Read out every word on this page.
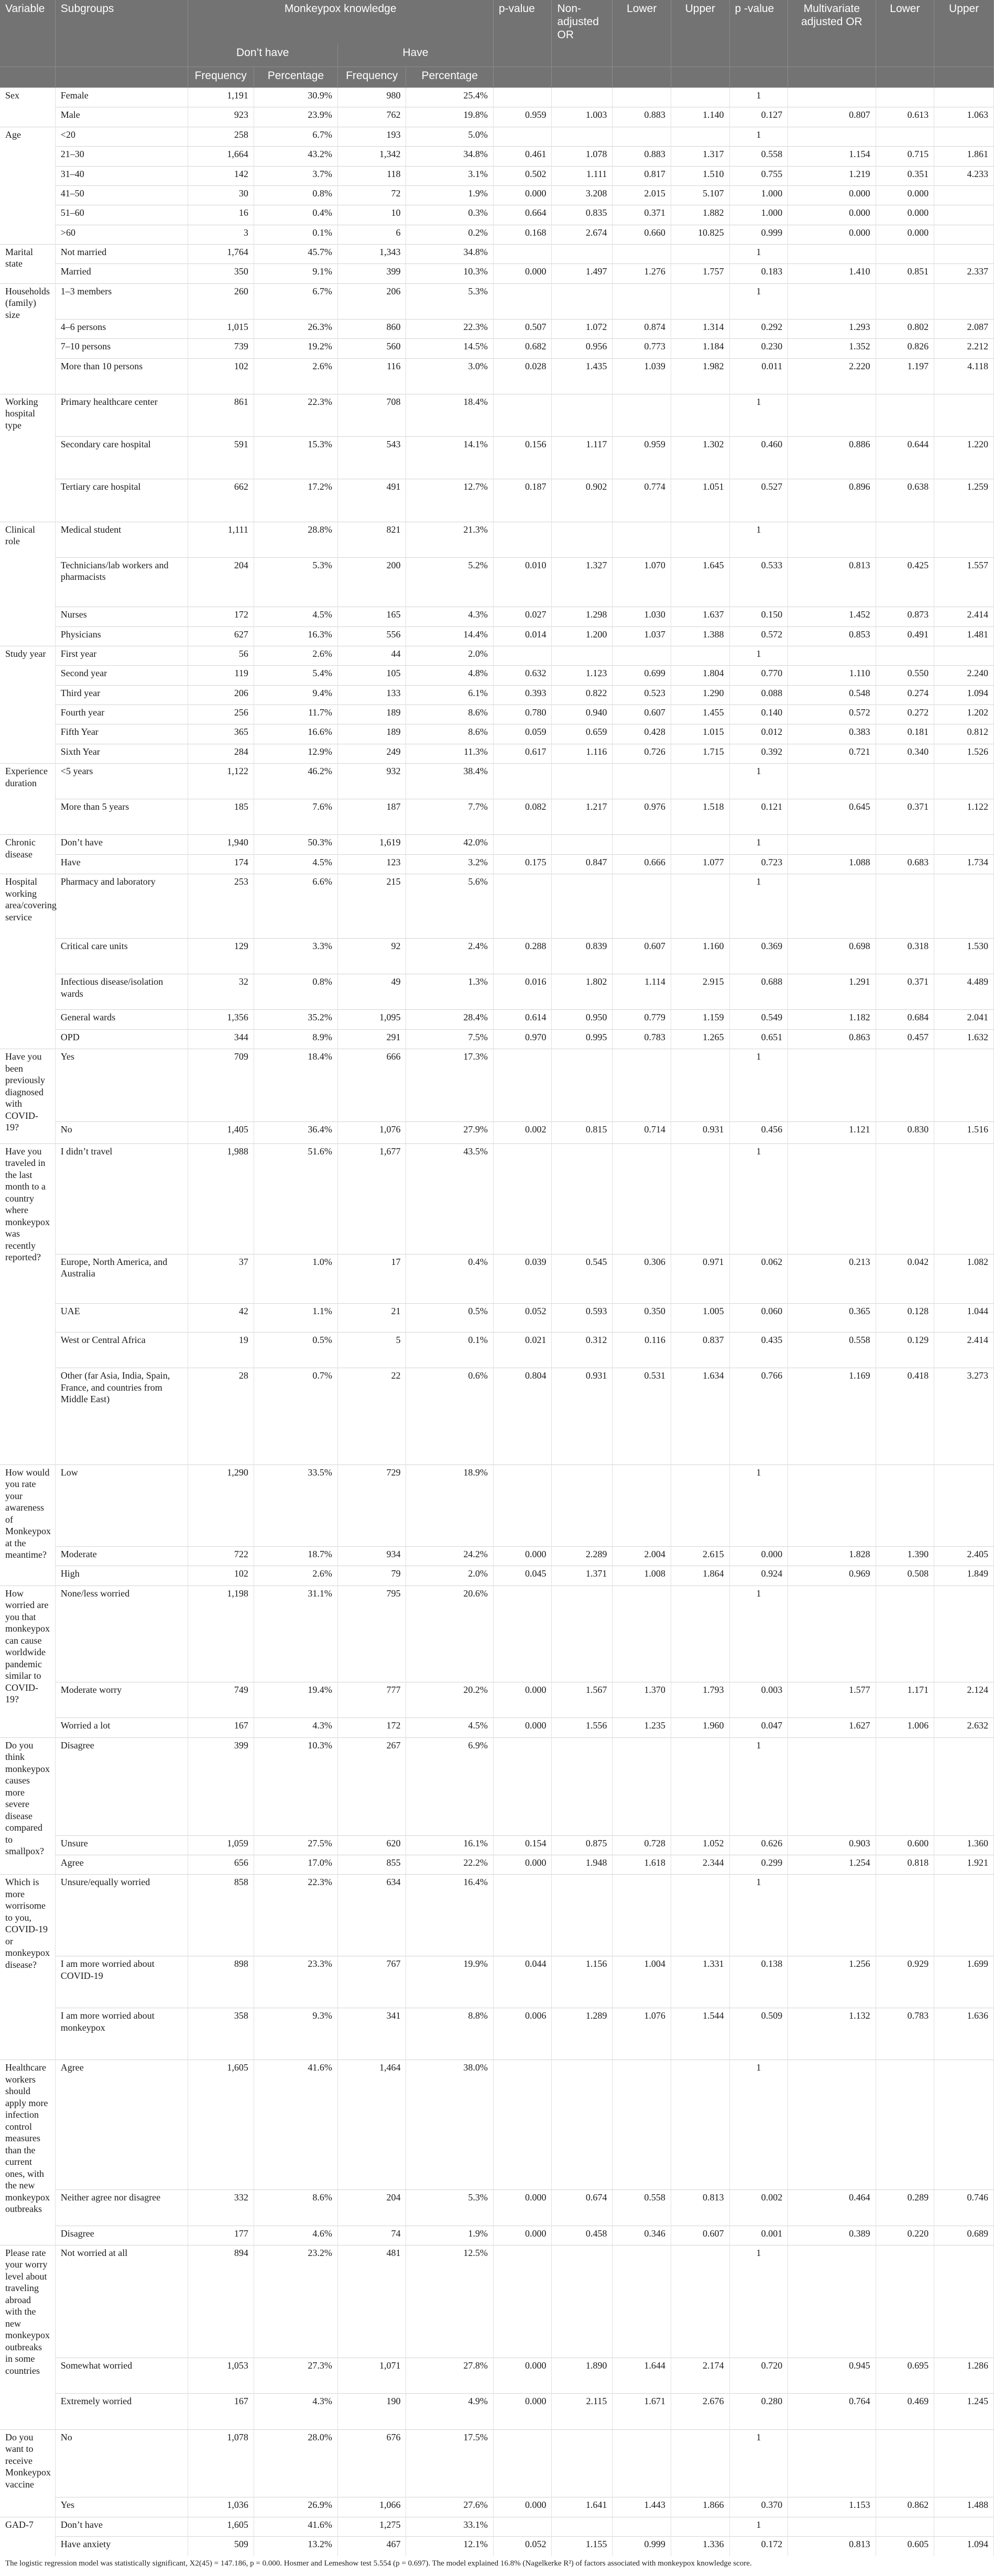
Variable	Subgroups	Monkeypox knowledge				p-value	Non-adjusted OR	Lower	Upper	p -value	Multivariate adjusted OR	Lower	Upper
		Don’t have		Have									
		Frequency	Percentage	Frequency	Percentage								
Sex	Female	1,191	30.9%	980	25.4%					1			
	Male	923	23.9%	762	19.8%	0.959	1.003	0.883	1.140	0.127	0.807	0.613	1.063
Age	<20	258	6.7%	193	5.0%					1			
	21–30	1,664	43.2%	1,342	34.8%	0.461	1.078	0.883	1.317	0.558	1.154	0.715	1.861
	31–40	142	3.7%	118	3.1%	0.502	1.111	0.817	1.510	0.755	1.219	0.351	4.233
	41–50	30	0.8%	72	1.9%	0.000	3.208	2.015	5.107	1.000	0.000	0.000	
	51–60	16	0.4%	10	0.3%	0.664	0.835	0.371	1.882	1.000	0.000	0.000	
	>60	3	0.1%	6	0.2%	0.168	2.674	0.660	10.825	0.999	0.000	0.000	
Marital state	Not married	1,764	45.7%	1,343	34.8%					1			
	Married	350	9.1%	399	10.3%	0.000	1.497	1.276	1.757	0.183	1.410	0.851	2.337
Households (family) size	1–3 members	260	6.7%	206	5.3%					1			
	4–6 persons	1,015	26.3%	860	22.3%	0.507	1.072	0.874	1.314	0.292	1.293	0.802	2.087
	7–10 persons	739	19.2%	560	14.5%	0.682	0.956	0.773	1.184	0.230	1.352	0.826	2.212
	More than 10 persons	102	2.6%	116	3.0%	0.028	1.435	1.039	1.982	0.011	2.220	1.197	4.118
Working hospital type	Primary healthcare center	861	22.3%	708	18.4%					1			
	Secondary care hospital	591	15.3%	543	14.1%	0.156	1.117	0.959	1.302	0.460	0.886	0.644	1.220
	Tertiary care hospital	662	17.2%	491	12.7%	0.187	0.902	0.774	1.051	0.527	0.896	0.638	1.259
Clinical role	Medical student	1,111	28.8%	821	21.3%					1			
	Technicians/lab workers and pharmacists	204	5.3%	200	5.2%	0.010	1.327	1.070	1.645	0.533	0.813	0.425	1.557
	Nurses	172	4.5%	165	4.3%	0.027	1.298	1.030	1.637	0.150	1.452	0.873	2.414
	Physicians	627	16.3%	556	14.4%	0.014	1.200	1.037	1.388	0.572	0.853	0.491	1.481
Study year	First year	56	2.6%	44	2.0%					1			
	Second year	119	5.4%	105	4.8%	0.632	1.123	0.699	1.804	0.770	1.110	0.550	2.240
	Third year	206	9.4%	133	6.1%	0.393	0.822	0.523	1.290	0.088	0.548	0.274	1.094
	Fourth year	256	11.7%	189	8.6%	0.780	0.940	0.607	1.455	0.140	0.572	0.272	1.202
	Fifth Year	365	16.6%	189	8.6%	0.059	0.659	0.428	1.015	0.012	0.383	0.181	0.812
	Sixth Year	284	12.9%	249	11.3%	0.617	1.116	0.726	1.715	0.392	0.721	0.340	1.526
Experience duration	<5 years	1,122	46.2%	932	38.4%					1			
	More than 5 years	185	7.6%	187	7.7%	0.082	1.217	0.976	1.518	0.121	0.645	0.371	1.122
Chronic disease	Don’t have	1,940	50.3%	1,619	42.0%					1			
	Have	174	4.5%	123	3.2%	0.175	0.847	0.666	1.077	0.723	1.088	0.683	1.734
Hospital working area/covering service	Pharmacy and laboratory	253	6.6%	215	5.6%					1			
	Critical care units	129	3.3%	92	2.4%	0.288	0.839	0.607	1.160	0.369	0.698	0.318	1.530
	Infectious disease/isolation wards	32	0.8%	49	1.3%	0.016	1.802	1.114	2.915	0.688	1.291	0.371	4.489
	General wards	1,356	35.2%	1,095	28.4%	0.614	0.950	0.779	1.159	0.549	1.182	0.684	2.041
	OPD	344	8.9%	291	7.5%	0.970	0.995	0.783	1.265	0.651	0.863	0.457	1.632
Have you been previously diagnosed with COVID-19?	Yes	709	18.4%	666	17.3%					1			
	No	1,405	36.4%	1,076	27.9%	0.002	0.815	0.714	0.931	0.456	1.121	0.830	1.516
Have you traveled in the last month to a country where monkeypox was recently reported?	I didn’t travel	1,988	51.6%	1,677	43.5%					1			
	Europe, North America, and Australia	37	1.0%	17	0.4%	0.039	0.545	0.306	0.971	0.062	0.213	0.042	1.082
	UAE	42	1.1%	21	0.5%	0.052	0.593	0.350	1.005	0.060	0.365	0.128	1.044
	West or Central Africa	19	0.5%	5	0.1%	0.021	0.312	0.116	0.837	0.435	0.558	0.129	2.414
	Other (far Asia, India, Spain, France, and countries from Middle East)	28	0.7%	22	0.6%	0.804	0.931	0.531	1.634	0.766	1.169	0.418	3.273
How would you rate your awareness of Monkeypox at the meantime?	Low	1,290	33.5%	729	18.9%					1			
	Moderate	722	18.7%	934	24.2%	0.000	2.289	2.004	2.615	0.000	1.828	1.390	2.405
	High	102	2.6%	79	2.0%	0.045	1.371	1.008	1.864	0.924	0.969	0.508	1.849
How worried are you that monkeypox can cause worldwide pandemic similar to COVID-19?	None/less worried	1,198	31.1%	795	20.6%					1			
	Moderate worry	749	19.4%	777	20.2%	0.000	1.567	1.370	1.793	0.003	1.577	1.171	2.124
	Worried a lot	167	4.3%	172	4.5%	0.000	1.556	1.235	1.960	0.047	1.627	1.006	2.632
Do you think monkeypox causes more severe disease compared to smallpox?	Disagree	399	10.3%	267	6.9%					1			
	Unsure	1,059	27.5%	620	16.1%	0.154	0.875	0.728	1.052	0.626	0.903	0.600	1.360
	Agree	656	17.0%	855	22.2%	0.000	1.948	1.618	2.344	0.299	1.254	0.818	1.921
Which is more worrisome to you, COVID-19 or monkeypox disease?	Unsure/equally worried	858	22.3%	634	16.4%					1			
	I am more worried about COVID-19	898	23.3%	767	19.9%	0.044	1.156	1.004	1.331	0.138	1.256	0.929	1.699
	I am more worried about monkeypox	358	9.3%	341	8.8%	0.006	1.289	1.076	1.544	0.509	1.132	0.783	1.636
Healthcare workers should apply more infection control measures than the current ones, with the new monkeypox outbreaks	Agree	1,605	41.6%	1,464	38.0%					1			
	Neither agree nor disagree	332	8.6%	204	5.3%	0.000	0.674	0.558	0.813	0.002	0.464	0.289	0.746
	Disagree	177	4.6%	74	1.9%	0.000	0.458	0.346	0.607	0.001	0.389	0.220	0.689
Please rate your worry level about traveling abroad with the new monkeypox outbreaks in some countries	Not worried at all	894	23.2%	481	12.5%					1			
	Somewhat worried	1,053	27.3%	1,071	27.8%	0.000	1.890	1.644	2.174	0.720	0.945	0.695	1.286
	Extremely worried	167	4.3%	190	4.9%	0.000	2.115	1.671	2.676	0.280	0.764	0.469	1.245
Do you want to receive Monkeypox vaccine	No	1,078	28.0%	676	17.5%					1			
	Yes	1,036	26.9%	1,066	27.6%	0.000	1.641	1.443	1.866	0.370	1.153	0.862	1.488
GAD-7	Don’t have	1,605	41.6%	1,275	33.1%					1			
	Have anxiety	509	13.2%	467	12.1%	0.052	1.155	0.999	1.336	0.172	0.813	0.605	1.094
The logistic regression model was statistically significant, X2(45) = 147.186, p = 0.000. Hosmer and Lemeshow test 5.554 (p = 0.697). The model explained 16.8% (Nagelkerke R²) of factors associated with monkeypox knowledge score.
